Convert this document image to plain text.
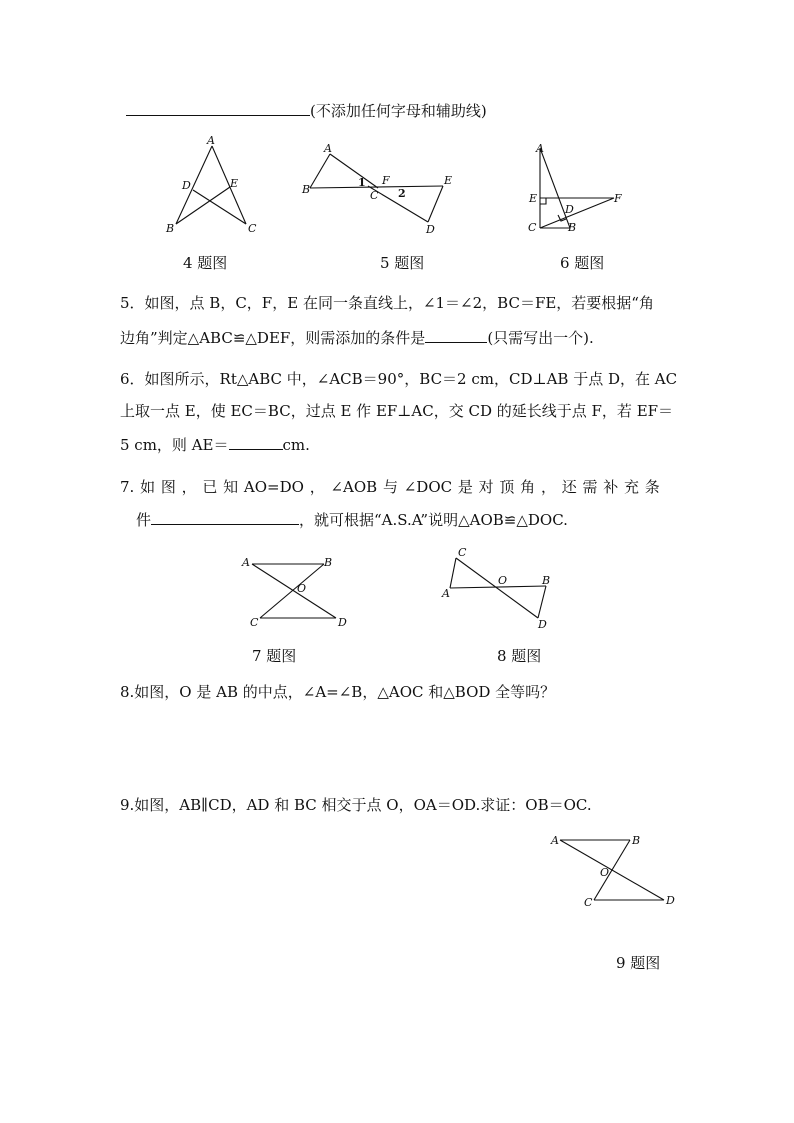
(不添加任何字母和辅助线)
A
D	E
B	C
4 题图
A
B
1 F
C 2
E
D
5 题图
A
E	F
D
C	B
6 题图
5．如图，点 B，C，F，E 在同一条直线上，∠1＝∠2，BC＝FE，若要根据“角
边角”判定△ABC≌△DEF，则需添加的条件是	(只需写出一个).
6．如图所示，Rt△ABC 中，∠ACB＝90°，BC＝2 cm，CD⊥AB 于点 D，在 AC
上取一点 E，使 EC＝BC，过点 E 作 EF⊥AC，交 CD 的延长线于点 F，若 EF＝
5 cm，则 AE＝	cm.
7. 如 图 ， 已 知 AO=DO ， ∠AOB 与 ∠DOC 是 对 顶 角 ， 还 需 补 充 条
件	，就可根据“A.S.A”说明△AOB≌△DOC.
A	B
O
C	D
7 题图
C
O	B
A
D
8 题图
8.如图，O 是 AB 的中点，∠A=∠B，△AOC 和△BOD 全等吗？
9.如图，AB∥CD，AD 和 BC 相交于点 O，OA＝OD.求证：OB＝OC.
A	B
O
C	D
9 题图
